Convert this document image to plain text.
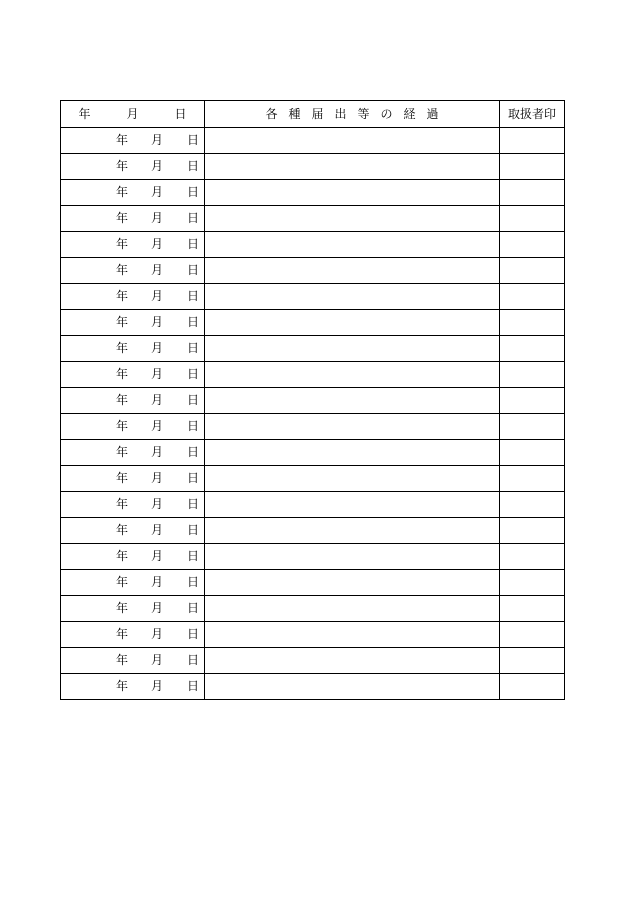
年 月 日	各種届出等の経過	取扱者印

年 月 日		

年 月 日		

年 月 日		

年 月 日		

年 月 日		

年 月 日		

年 月 日		

年 月 日		

年 月 日		

年 月 日		

年 月 日		

年 月 日		

年 月 日		

年 月 日		

年 月 日		

年 月 日		

年 月 日		

年 月 日		

年 月 日		

年 月 日		

年 月 日		

年 月 日		
